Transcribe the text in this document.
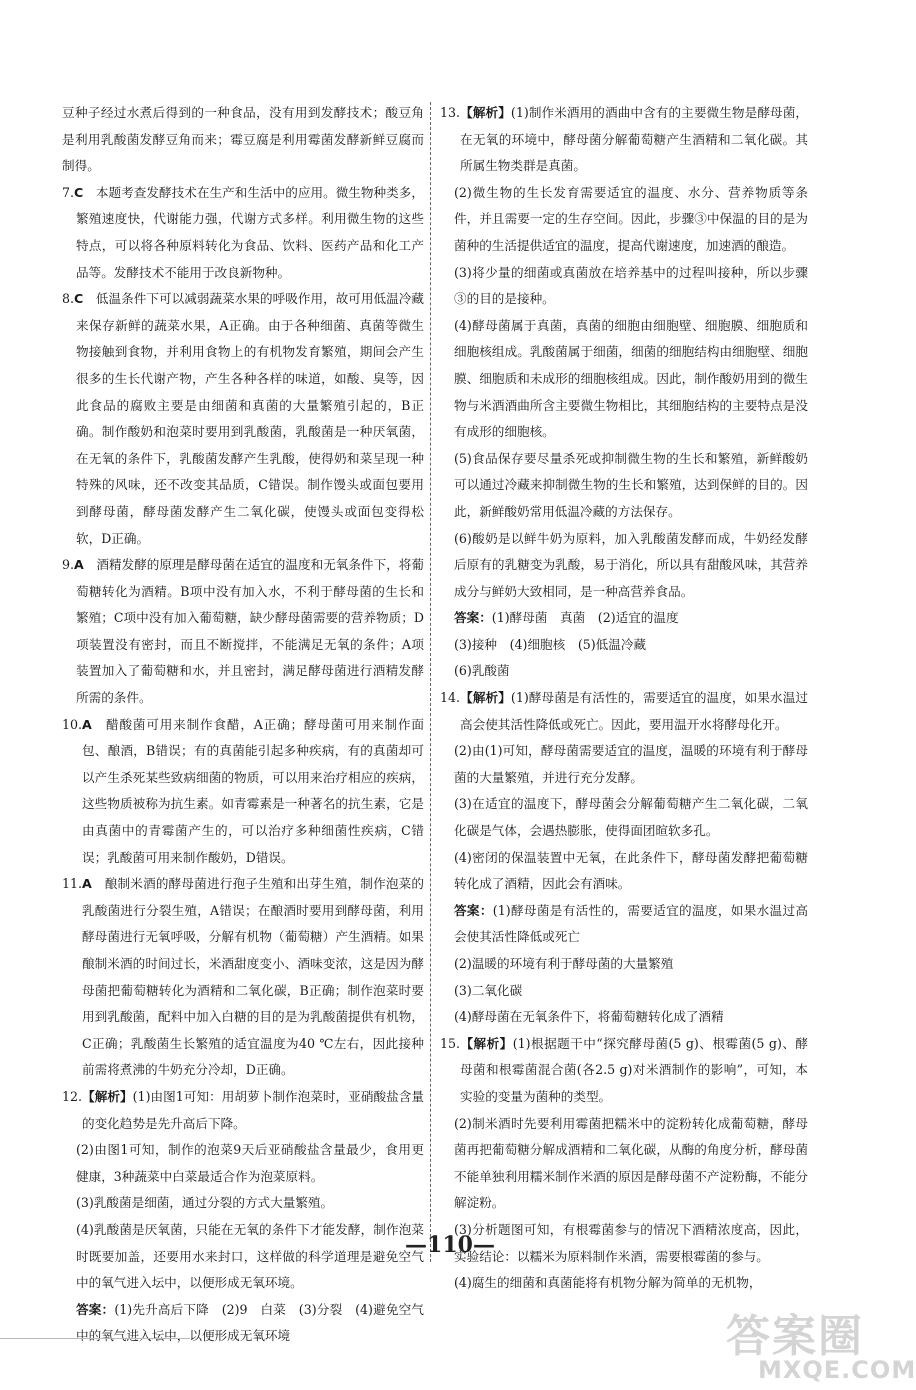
豆种子经过水煮后得到的一种食品，没有用到发酵技术；酸豆角是利用乳酸菌发酵豆角而来；霉豆腐是利用霉菌发酵新鲜豆腐而制得。

7.C　本题考查发酵技术在生产和生活中的应用。微生物种类多，繁殖速度快，代谢能力强，代谢方式多样。利用微生物的这些特点，可以将各种原料转化为食品、饮料、医药产品和化工产品等。发酵技术不能用于改良新物种。

8.C　低温条件下可以减弱蔬菜水果的呼吸作用，故可用低温冷藏来保存新鲜的蔬菜水果，A正确。由于各种细菌、真菌等微生物接触到食物，并利用食物上的有机物发育繁殖，期间会产生很多的生长代谢产物，产生各种各样的味道，如酸、臭等，因此食品的腐败主要是由细菌和真菌的大量繁殖引起的，B正确。制作酸奶和泡菜时要用到乳酸菌，乳酸菌是一种厌氧菌，在无氧的条件下，乳酸菌发酵产生乳酸，使得奶和菜呈现一种特殊的风味，还不改变其品质，C错误。制作馒头或面包要用到酵母菌，酵母菌发酵产生二氧化碳，使馒头或面包变得松软，D正确。

9.A　酒精发酵的原理是酵母菌在适宜的温度和无氧条件下，将葡萄糖转化为酒精。B项中没有加入水，不利于酵母菌的生长和繁殖；C项中没有加入葡萄糖，缺少酵母菌需要的营养物质；D项装置没有密封，而且不断搅拌，不能满足无氧的条件；A项装置加入了葡萄糖和水，并且密封，满足酵母菌进行酒精发酵所需的条件。

10.A　醋酸菌可用来制作食醋，A正确；酵母菌可用来制作面包、酿酒，B错误；有的真菌能引起多种疾病，有的真菌却可以产生杀死某些致病细菌的物质，可以用来治疗相应的疾病，这些物质被称为抗生素。如青霉素是一种著名的抗生素，它是由真菌中的青霉菌产生的，可以治疗多种细菌性疾病，C错误；乳酸菌可用来制作酸奶，D错误。

11.A　酿制米酒的酵母菌进行孢子生殖和出芽生殖，制作泡菜的乳酸菌进行分裂生殖，A错误；在酿酒时要用到酵母菌，利用酵母菌进行无氧呼吸，分解有机物（葡萄糖）产生酒精。如果酿制米酒的时间过长，米酒甜度变小、酒味变浓，这是因为酵母菌把葡萄糖转化为酒精和二氧化碳，B正确；制作泡菜时要用到乳酸菌，配料中加入白糖的目的是为乳酸菌提供有机物，C正确；乳酸菌生长繁殖的适宜温度为40 ℃左右，因此接种前需将煮沸的牛奶充分冷却，D正确。

12.【解析】(1)由图1可知：用胡萝卜制作泡菜时，亚硝酸盐含量的变化趋势是先升高后下降。

(2)由图1可知，制作的泡菜9天后亚硝酸盐含量最少，食用更健康，3种蔬菜中白菜最适合作为泡菜原料。

(3)乳酸菌是细菌，通过分裂的方式大量繁殖。

(4)乳酸菌是厌氧菌，只能在无氧的条件下才能发酵，制作泡菜时既要加盖，还要用水来封口，这样做的科学道理是避免空气中的氧气进入坛中，以便形成无氧环境。

答案：(1)先升高后下降　(2)9　白菜　(3)分裂　(4)避免空气中的氧气进入坛中，以便形成无氧环境

13.【解析】(1)制作米酒用的酒曲中含有的主要微生物是酵母菌，在无氧的环境中，酵母菌分解葡萄糖产生酒精和二氧化碳。其所属生物类群是真菌。

(2)微生物的生长发育需要适宜的温度、水分、营养物质等条件，并且需要一定的生存空间。因此，步骤③中保温的目的是为菌种的生活提供适宜的温度，提高代谢速度，加速酒的酿造。

(3)将少量的细菌或真菌放在培养基中的过程叫接种，所以步骤③的目的是接种。

(4)酵母菌属于真菌，真菌的细胞由细胞壁、细胞膜、细胞质和细胞核组成。乳酸菌属于细菌，细菌的细胞结构由细胞壁、细胞膜、细胞质和未成形的细胞核组成。因此，制作酸奶用到的微生物与米酒酒曲所含主要微生物相比，其细胞结构的主要特点是没有成形的细胞核。

(5)食品保存要尽量杀死或抑制微生物的生长和繁殖，新鲜酸奶可以通过冷藏来抑制微生物的生长和繁殖，达到保鲜的目的。因此，新鲜酸奶常用低温冷藏的方法保存。

(6)酸奶是以鲜牛奶为原料，加入乳酸菌发酵而成，牛奶经发酵后原有的乳糖变为乳酸，易于消化，所以具有甜酸风味，其营养成分与鲜奶大致相同，是一种高营养食品。

答案：(1)酵母菌　真菌　(2)适宜的温度

(3)接种　(4)细胞核　(5)低温冷藏

(6)乳酸菌

14.【解析】(1)酵母菌是有活性的，需要适宜的温度，如果水温过高会使其活性降低或死亡。因此，要用温开水将酵母化开。

(2)由(1)可知，酵母菌需要适宜的温度，温暖的环境有利于酵母菌的大量繁殖，并进行充分发酵。

(3)在适宜的温度下，酵母菌会分解葡萄糖产生二氧化碳，二氧化碳是气体，会遇热膨胀，使得面团暄软多孔。

(4)密闭的保温装置中无氧，在此条件下，酵母菌发酵把葡萄糖转化成了酒精，因此会有酒味。

答案：(1)酵母菌是有活性的，需要适宜的温度，如果水温过高会使其活性降低或死亡

(2)温暖的环境有利于酵母菌的大量繁殖

(3)二氧化碳

(4)酵母菌在无氧条件下，将葡萄糖转化成了酒精

15.【解析】(1)根据题干中“探究酵母菌(5 g)、根霉菌(5 g)、酵母菌和根霉菌混合菌(各2.5 g)对米酒制作的影响”，可知，本实验的变量为菌种的类型。

(2)制米酒时先要利用霉菌把糯米中的淀粉转化成葡萄糖，酵母菌再把葡萄糖分解成酒精和二氧化碳，从酶的角度分析，酵母菌不能单独利用糯米制作米酒的原因是酵母菌不产淀粉酶，不能分解淀粉。

(3)分析题图可知，有根霉菌参与的情况下酒精浓度高，因此，实验结论：以糯米为原料制作米酒，需要根霉菌的参与。

(4)腐生的细菌和真菌能将有机物分解为简单的无机物，

—110—
答案圈
MXQE.COM
